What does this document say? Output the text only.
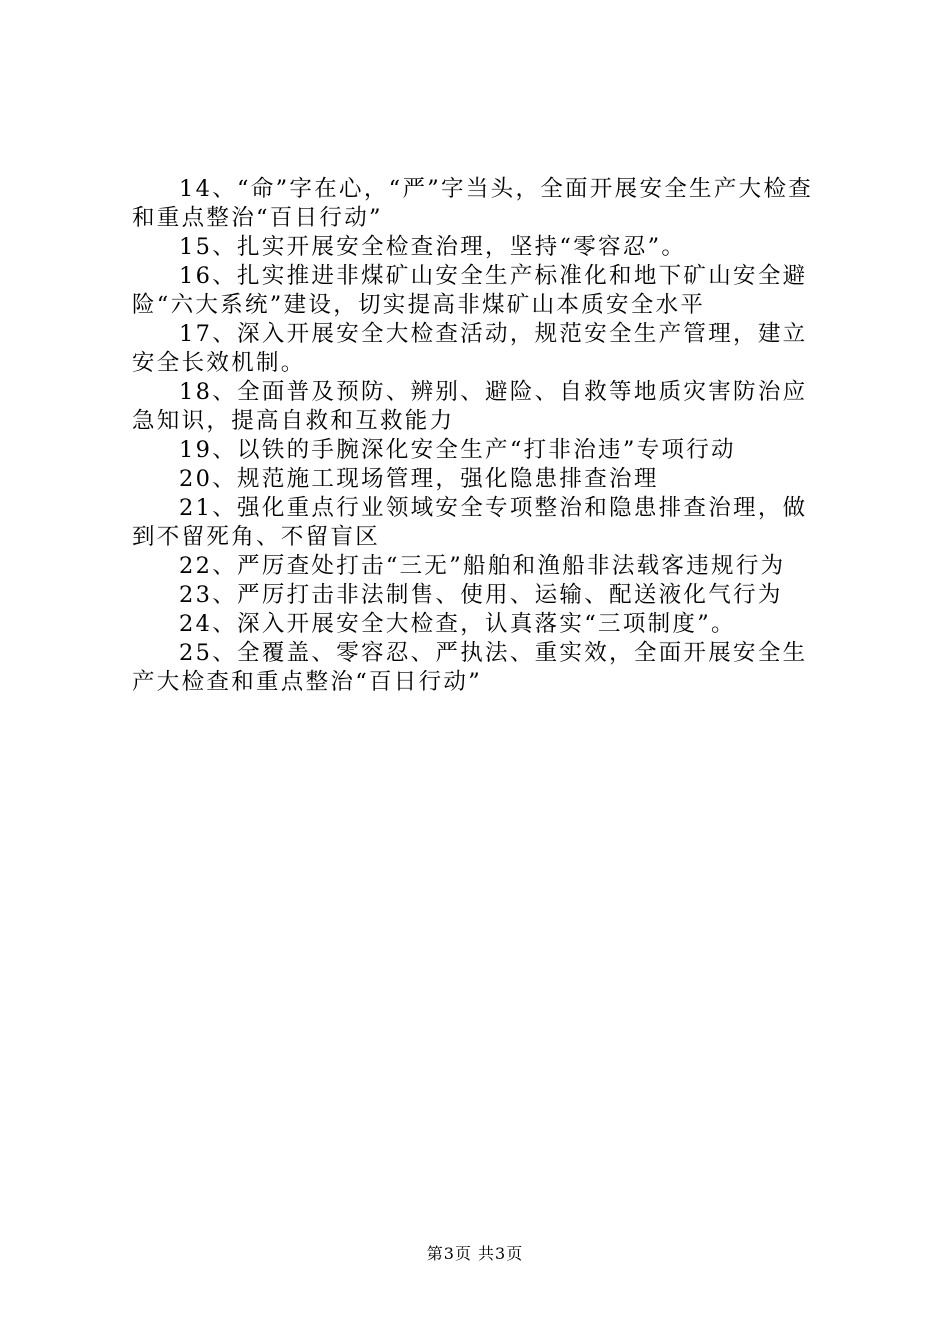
14、“命”字在心，“严”字当头，全面开展安全生产大检查和重点整治“百日行动”

15、扎实开展安全检查治理，坚持“零容忍”。

16、扎实推进非煤矿山安全生产标准化和地下矿山安全避险“六大系统”建设，切实提高非煤矿山本质安全水平

17、深入开展安全大检查活动，规范安全生产管理，建立安全长效机制。

18、全面普及预防、辨别、避险、自救等地质灾害防治应急知识，提高自救和互救能力

19、以铁的手腕深化安全生产“打非治违”专项行动

20、规范施工现场管理，强化隐患排查治理

21、强化重点行业领域安全专项整治和隐患排查治理，做到不留死角、不留盲区

22、严厉查处打击“三无”船舶和渔船非法载客违规行为

23、严厉打击非法制售、使用、运输、配送液化气行为

24、深入开展安全大检查，认真落实“三项制度”。

25、全覆盖、零容忍、严执法、重实效，全面开展安全生产大检查和重点整治“百日行动”

第3页 共3页
